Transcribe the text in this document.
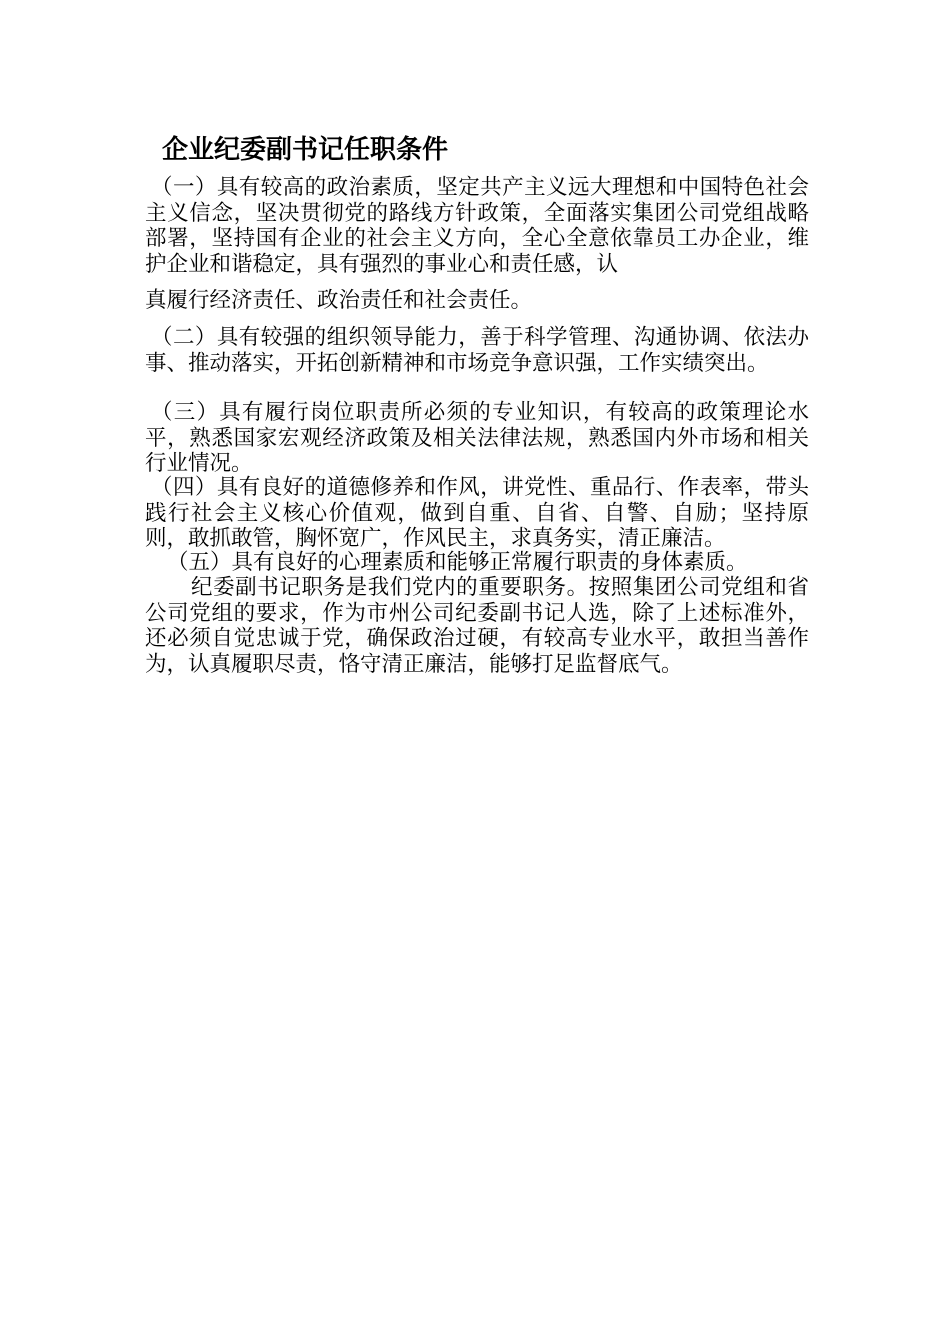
企业纪委副书记任职条件
（一）具有较高的政治素质，坚定共产主义远大理想和中国特色社会主义信念，坚决贯彻党的路线方针政策，全面落实集团公司党组战略部署，坚持国有企业的社会主义方向，全心全意依靠员工办企业，维护企业和谐稳定，具有强烈的事业心和责任感，认
真履行经济责任、政治责任和社会责任。
（二）具有较强的组织领导能力，善于科学管理、沟通协调、依法办事、推动落实，开拓创新精神和市场竞争意识强，工作实绩突出。
（三）具有履行岗位职责所必须的专业知识，有较高的政策理论水平，熟悉国家宏观经济政策及相关法律法规，熟悉国内外市场和相关行业情况。
（四）具有良好的道德修养和作风，讲党性、重品行、作表率，带头践行社会主义核心价值观，做到自重、自省、自警、自励；坚持原则，敢抓敢管，胸怀宽广，作风民主，求真务实，清正廉洁。
（五）具有良好的心理素质和能够正常履行职责的身体素质。
纪委副书记职务是我们党内的重要职务。按照集团公司党组和省公司党组的要求，作为市州公司纪委副书记人选，除了上述标准外，还必须自觉忠诚于党，确保政治过硬，有较高专业水平，敢担当善作为，认真履职尽责，恪守清正廉洁，能够打足监督底气。
